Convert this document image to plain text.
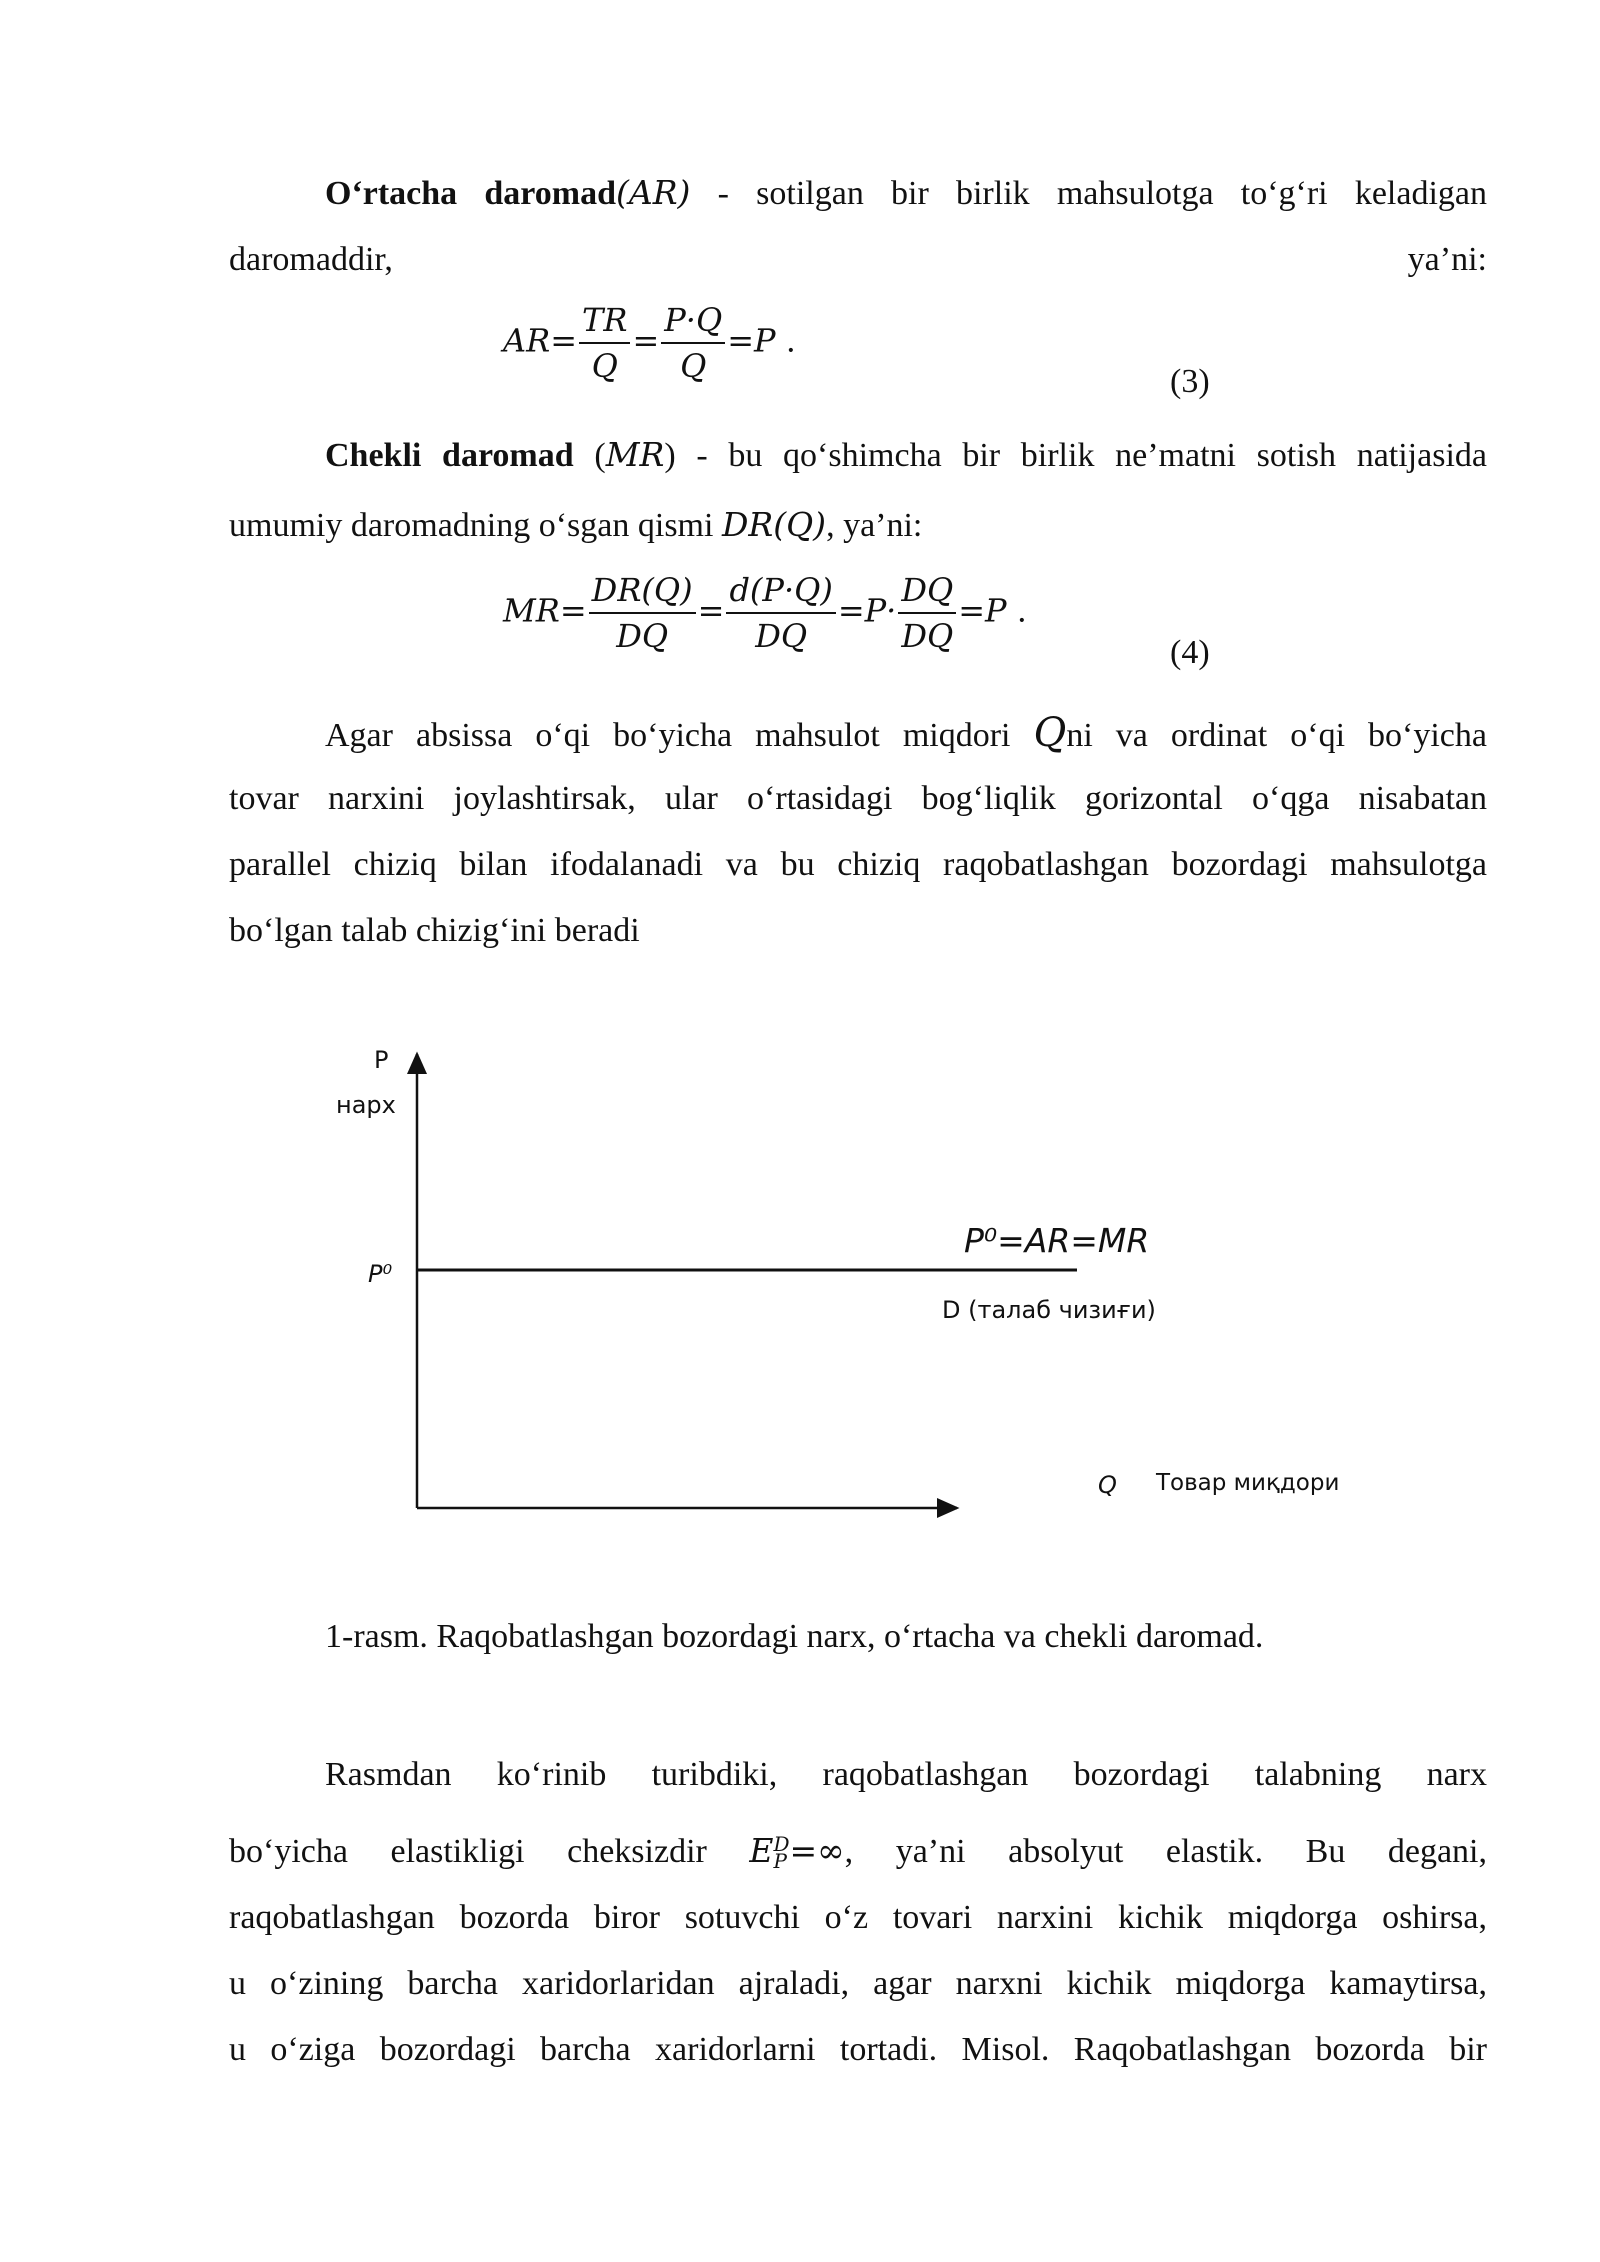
O‘rtacha daromad(AR) - sotilgan bir birlik mahsulotga to‘g‘ri keladigan daromaddir, ya’ni:
$AR= \frac{TR}{Q} = \frac{P\cdot Q}{Q} =P$ .
(3)
Chekli daromad (MR) - bu qo‘shimcha bir birlik ne’matni sotish natijasida
umumiy daromadning o‘sgan qismi DR(Q), ya’ni:
$MR= \frac{DR(Q)}{DQ} = \frac{d(P\cdot Q)}{DQ} =P\cdot \frac{DQ}{DQ} =P$ .
(4)
Agar absissa o‘qi bo‘yicha mahsulot miqdori Qni va ordinat o‘qi bo‘yicha
tovar narxini joylashtirsak, ular o‘rtasidagi bog‘liqlik gorizontal o‘qga nisabatan
parallel chiziq bilan ifodalanadi va bu chiziq raqobatlashgan bozordagi mahsulotga
bo‘lgan talab chizig‘ini beradi
P
нарх
P⁰
P⁰=AR=MR
D (талаб чизиғи)
Q Товар миқдори
1-rasm. Raqobatlashgan bozordagi narx, o‘rtacha va chekli daromad.
Rasmdan ko‘rinib turibdiki, raqobatlashgan bozordagi talabning narx
bo‘yicha elastikligi cheksizdir E D
P =∞, ya’ni absolyut elastik. Bu degani,
raqobatlashgan bozorda biror sotuvchi o‘z tovari narxini kichik miqdorga oshirsa,
u o‘zining barcha xaridorlaridan ajraladi, agar narxni kichik miqdorga kamaytirsa,
u o‘ziga bozordagi barcha xaridorlarni tortadi. Misol. Raqobatlashgan bozorda bir
